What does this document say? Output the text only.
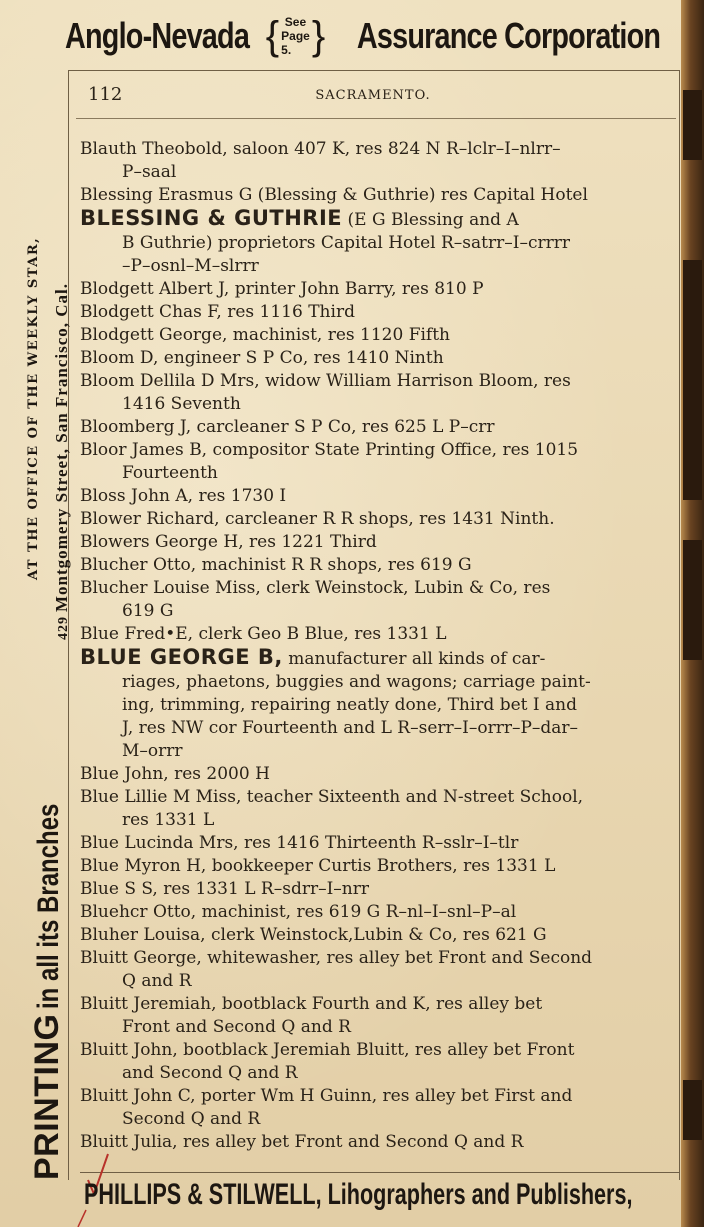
Anglo-Nevada { See
Page 5. } Assurance Corporation
112	SACRAMENTO.
PRINTING in all its Branches
429 Montgomery Street, San Francisco, Cal.
AT THE OFFICE OF THE WEEKLY STAR,
Blauth Theobold, saloon 407 K, res 824 N R–lclr–I–nlrr–
P–saal
Blessing Erasmus G (Blessing & Guthrie) res Capital Hotel
BLESSING & GUTHRIE (E G Blessing and A
B Guthrie) proprietors Capital Hotel R–satrr–I–crrrr
–P–osnl–M–slrrr
Blodgett Albert J, printer John Barry, res 810 P
Blodgett Chas F, res 1116 Third
Blodgett George, machinist, res 1120 Fifth
Bloom D, engineer S P Co, res 1410 Ninth
Bloom Dellila D Mrs, widow William Harrison Bloom, res
1416 Seventh
Bloomberg J, carcleaner S P Co, res 625 L P–crr
Bloor James B, compositor State Printing Office, res 1015
Fourteenth
Bloss John A, res 1730 I
Blower Richard, carcleaner R R shops, res 1431 Ninth.
Blowers George H, res 1221 Third
Blucher Otto, machinist R R shops, res 619 G
Blucher Louise Miss, clerk Weinstock, Lubin & Co, res
619 G
Blue Fred•E, clerk Geo B Blue, res 1331 L
BLUE GEORGE B, manufacturer all kinds of car-
riages, phaetons, buggies and wagons; carriage paint-
ing, trimming, repairing neatly done, Third bet I and
J, res NW cor Fourteenth and L R–serr–I–orrr–P–dar–
M–orrr
Blue John, res 2000 H
Blue Lillie M Miss, teacher Sixteenth and N-street School,
res 1331 L
Blue Lucinda Mrs, res 1416 Thirteenth R–sslr–I–tlr
Blue Myron H, bookkeeper Curtis Brothers, res 1331 L
Blue S S, res 1331 L R–sdrr–I–nrr
Bluehcr Otto, machinist, res 619 G R–nl–I–snl–P–al
Bluher Louisa, clerk Weinstock,Lubin & Co, res 621 G
Bluitt George, whitewasher, res alley bet Front and Second
Q and R
Bluitt Jeremiah, bootblack Fourth and K, res alley bet
Front and Second Q and R
Bluitt John, bootblack Jeremiah Bluitt, res alley bet Front
and Second Q and R
Bluitt John C, porter Wm H Guinn, res alley bet First and
Second Q and R
Bluitt Julia, res alley bet Front and Second Q and R
PHILLIPS & STILWELL, Lihographers and Publishers,
